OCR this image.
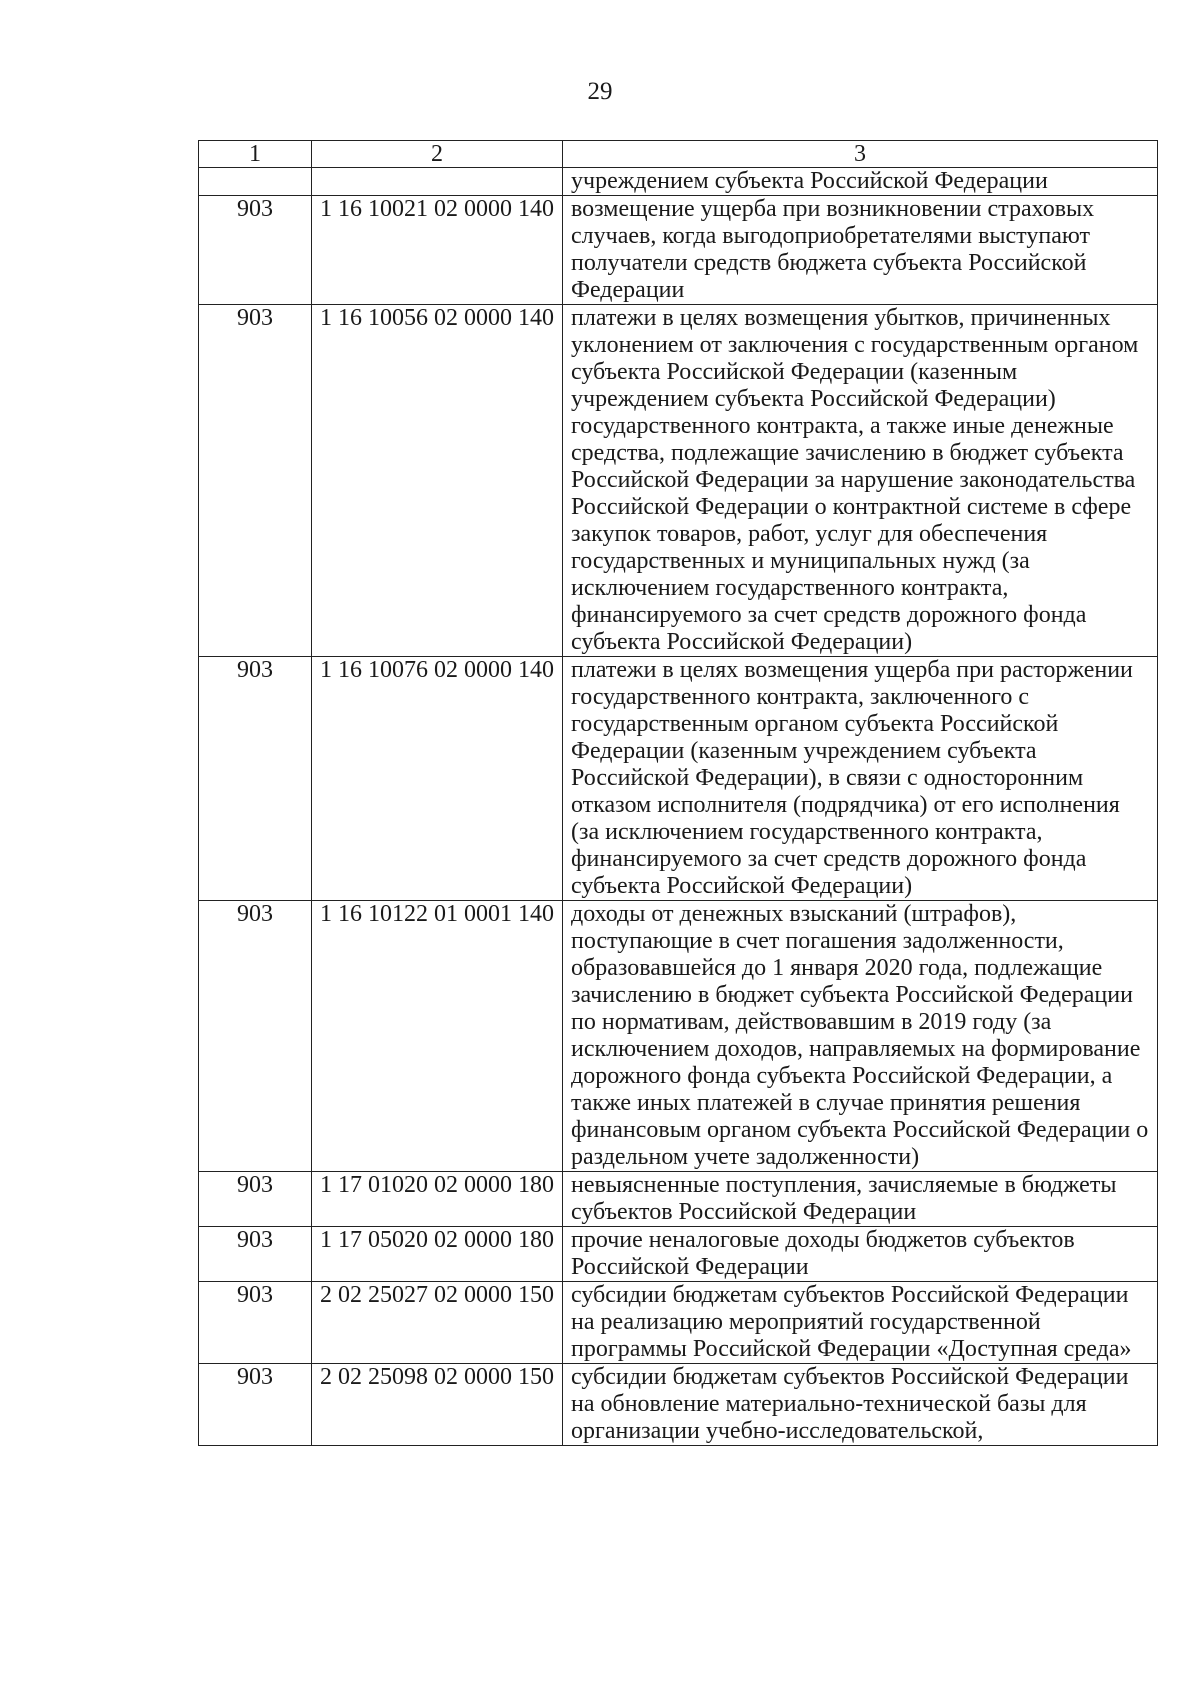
29
1	2	3
		учреждением субъекта Российской Федерации
903	1 16 10021 02 0000 140	возмещение ущерба при возникновении страховых случаев, когда выгодоприобретателями выступают получатели средств бюджета субъекта Российской Федерации
903	1 16 10056 02 0000 140	платежи в целях возмещения убытков, причиненных уклонением от заключения с государственным органом субъекта Российской Федерации (казенным учреждением субъекта Российской Федерации) государственного контракта, а также иные денежные средства, подлежащие зачислению в бюджет субъекта Российской Федерации за нарушение законодательства Российской Федерации о контрактной системе в сфере закупок товаров, работ, услуг для обеспечения государственных и муниципальных нужд (за исключением государственного контракта, финансируемого за счет средств дорожного фонда субъекта Российской Федерации)
903	1 16 10076 02 0000 140	платежи в целях возмещения ущерба при расторжении государственного контракта, заключенного с государственным органом субъекта Российской Федерации (казенным учреждением субъекта Российской Федерации), в связи с односторонним отказом исполнителя (подрядчика) от его исполнения (за исключением государственного контракта, финансируемого за счет средств дорожного фонда субъекта Российской Федерации)
903	1 16 10122 01 0001 140	доходы от денежных взысканий (штрафов), поступающие в счет погашения задолженности, образовавшейся до 1 января 2020 года, подлежащие зачислению в бюджет субъекта Российской Федерации по нормативам, действовавшим в 2019 году (за исключением доходов, направляемых на формирование дорожного фонда субъекта Российской Федерации, а также иных платежей в случае принятия решения финансовым органом субъекта Российской Федерации о раздельном учете задолженности)
903	1 17 01020 02 0000 180	невыясненные поступления, зачисляемые в бюджеты субъектов Российской Федерации
903	1 17 05020 02 0000 180	прочие неналоговые доходы бюджетов субъектов Российской Федерации
903	2 02 25027 02 0000 150	субсидии бюджетам субъектов Российской Федерации на реализацию мероприятий государственной программы Российской Федерации «Доступная среда»
903	2 02 25098 02 0000 150	субсидии бюджетам субъектов Российской Федерации на обновление материально-технической базы для организации учебно-исследовательской,
